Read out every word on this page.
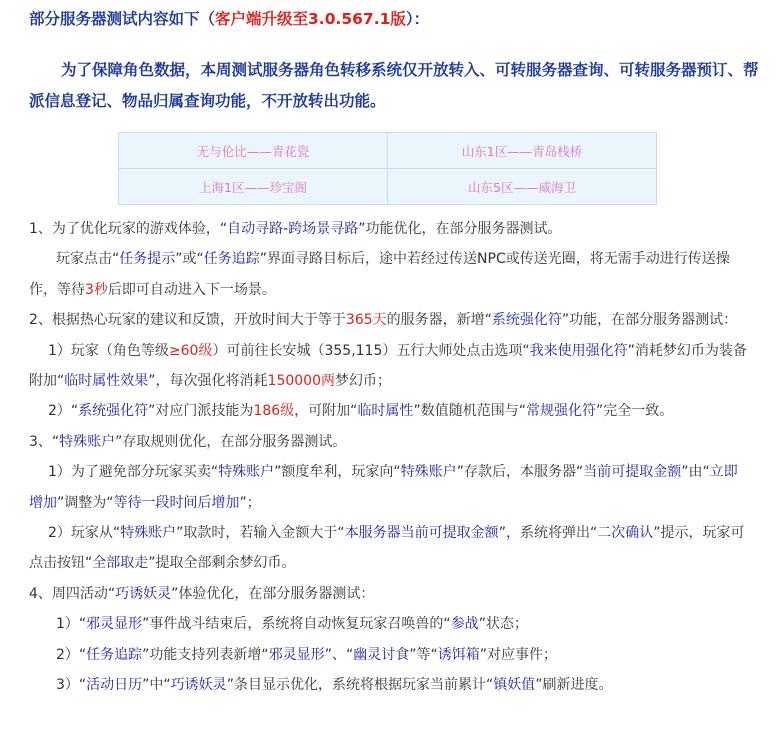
部分服务器测试内容如下（客户端升级至3.0.567.1版）：
为了保障角色数据，本周测试服务器角色转移系统仅开放转入、可转服务器查询、可转服务器预订、帮派信息登记、物品归属查询功能，不开放转出功能。
无与伦比——青花瓷	山东1区——青岛栈桥
上海1区——珍宝阁	山东5区——威海卫

1、为了优化玩家的游戏体验，“自动寻路-跨场景寻路”功能优化，在部分服务器测试。

玩家点击“任务提示”或“任务追踪”界面寻路目标后，途中若经过传送NPC或传送光圈，将无需手动进行传送操作，等待3秒后即可自动进入下一场景。

2、根据热心玩家的建议和反馈，开放时间大于等于365天的服务器，新增“系统强化符”功能，在部分服务器测试：

1）玩家（角色等级≥60级）可前往长安城（355,115）五行大师处点击选项“我来使用强化符”消耗梦幻币为装备附加“临时属性效果”，每次强化将消耗150000两梦幻币；

2）“系统强化符”对应门派技能为186级，可附加“临时属性”数值随机范围与“常规强化符”完全一致。

3、“特殊账户”存取规则优化，在部分服务器测试。

1）为了避免部分玩家买卖“特殊账户”额度牟利，玩家向“特殊账户”存款后，本服务器“当前可提取金额”由“立即增加”调整为“等待一段时间后增加”；

2）玩家从“特殊账户”取款时，若输入金额大于“本服务器当前可提取金额”，系统将弹出“二次确认”提示，玩家可点击按钮“全部取走”提取全部剩余梦幻币。

4、周四活动“巧诱妖灵”体验优化，在部分服务器测试：

1）“邪灵显形”事件战斗结束后，系统将自动恢复玩家召唤兽的“参战”状态；

2）“任务追踪”功能支持列表新增“邪灵显形”、“幽灵讨食”等“诱饵箱”对应事件；

3）“活动日历”中“巧诱妖灵”条目显示优化，系统将根据玩家当前累计“镇妖值”刷新进度。
